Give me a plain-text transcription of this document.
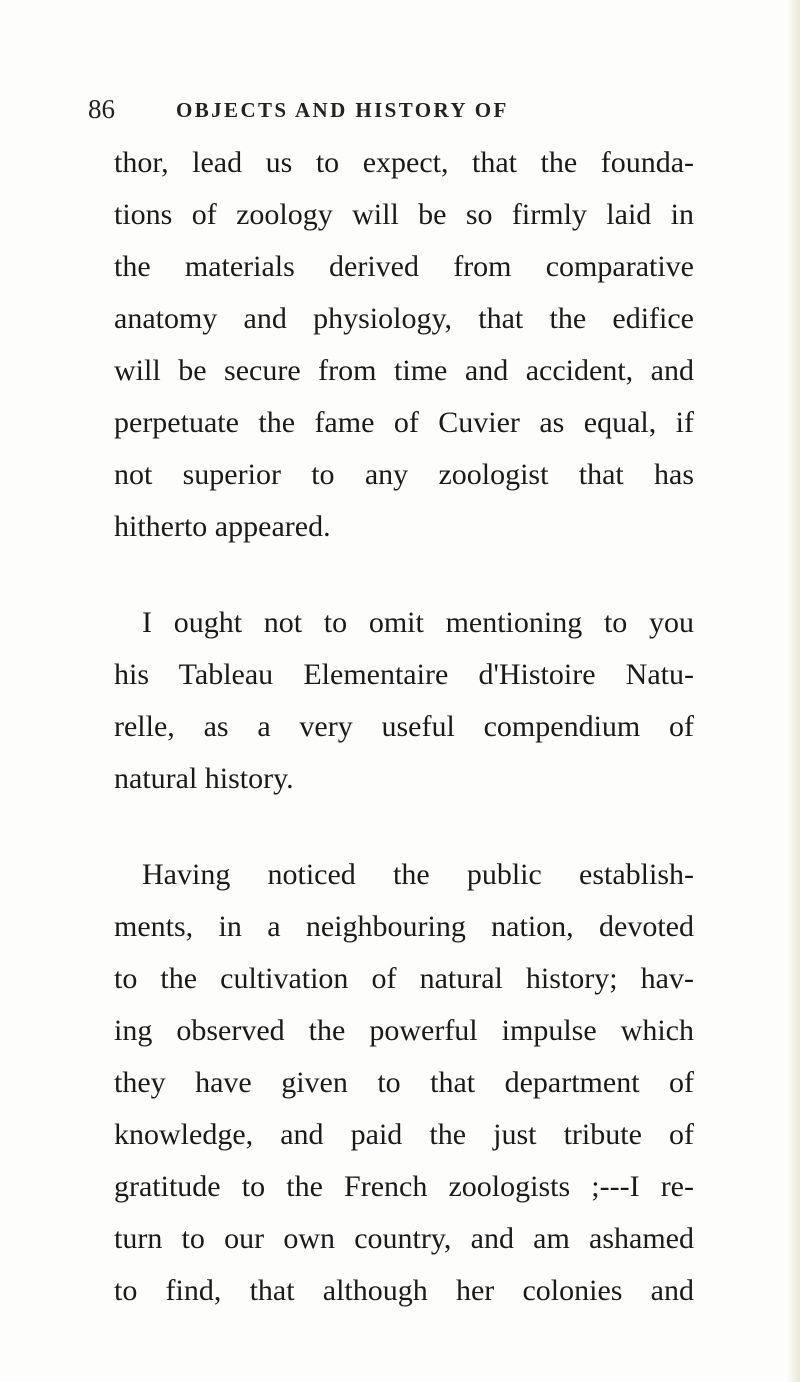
86	OBJECTS AND HISTORY OF
thor, lead us to expect, that the founda-
tions of zoology will be so firmly laid in
the materials derived from comparative
anatomy and physiology, that the edifice
will be secure from time and accident, and
perpetuate the fame of Cuvier as equal, if
not superior to any zoologist that has
hitherto appeared.
I ought not to omit mentioning to you
his Tableau Elementaire d'Histoire Natu-
relle, as a very useful compendium of
natural history.
Having noticed the public establish-
ments, in a neighbouring nation, devoted
to the cultivation of natural history; hav-
ing observed the powerful impulse which
they have given to that department of
knowledge, and paid the just tribute of
gratitude to the French zoologists ;---I re-
turn to our own country, and am ashamed
to find, that although her colonies and
